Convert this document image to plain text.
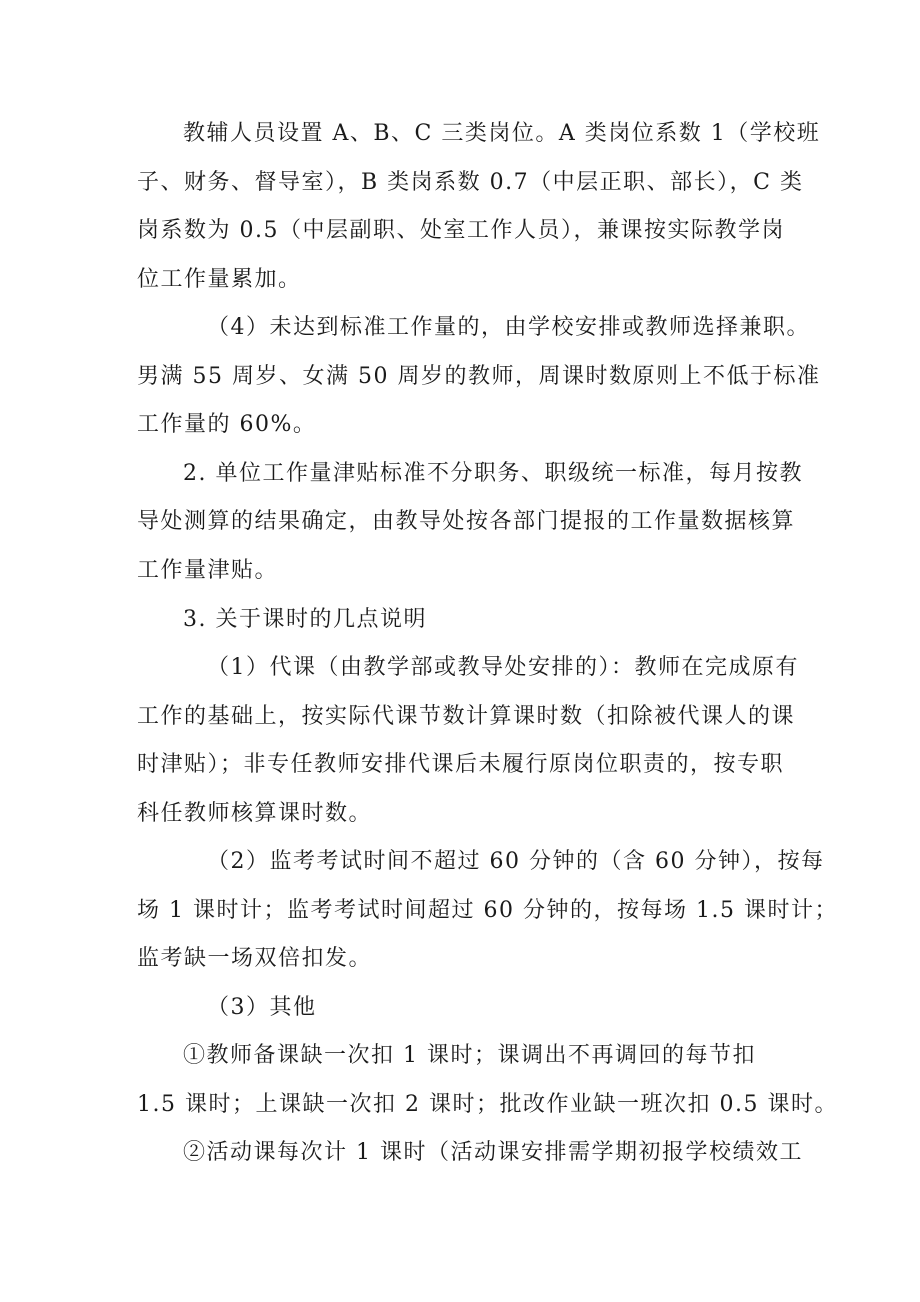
教辅人员设置 A、B、C 三类岗位。A 类岗位系数 1（学校班
子、财务、督导室），B 类岗系数 0.7（中层正职、部长），C 类
岗系数为 0.5（中层副职、处室工作人员），兼课按实际教学岗
位工作量累加。
（4）未达到标准工作量的，由学校安排或教师选择兼职。
男满 55 周岁、女满 50 周岁的教师，周课时数原则上不低于标准
工作量的 60%。
2. 单位工作量津贴标准不分职务、职级统一标准，每月按教
导处测算的结果确定，由教导处按各部门提报的工作量数据核算
工作量津贴。
3. 关于课时的几点说明
（1）代课（由教学部或教导处安排的）：教师在完成原有
工作的基础上，按实际代课节数计算课时数（扣除被代课人的课
时津贴）；非专任教师安排代课后未履行原岗位职责的，按专职
科任教师核算课时数。
（2）监考考试时间不超过 60 分钟的（含 60 分钟），按每
场 1 课时计；监考考试时间超过 60 分钟的，按每场 1.5 课时计；
监考缺一场双倍扣发。
（3）其他
①教师备课缺一次扣 1 课时；课调出不再调回的每节扣
1.5 课时；上课缺一次扣 2 课时；批改作业缺一班次扣 0.5 课时。
②活动课每次计 1 课时（活动课安排需学期初报学校绩效工
